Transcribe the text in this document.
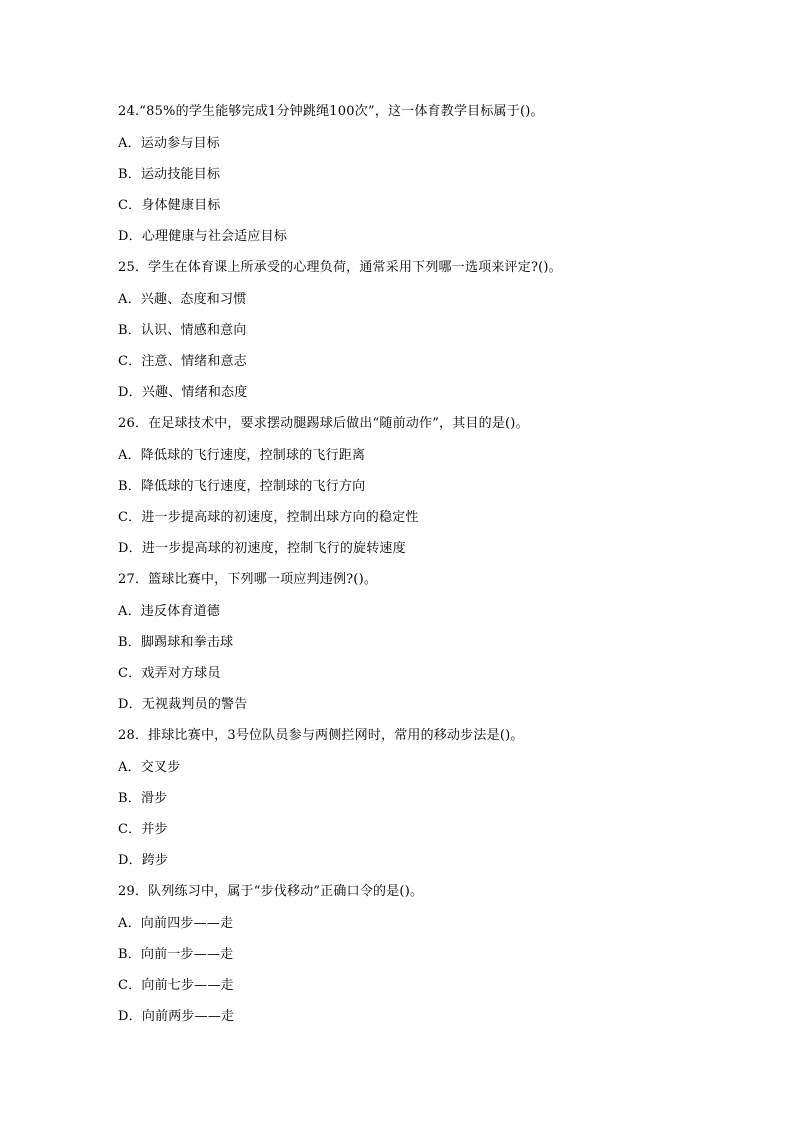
24.“85%的学生能够完成1分钟跳绳100次”，这一体育教学目标属于()。
A．运动参与目标
B．运动技能目标
C．身体健康目标
D．心理健康与社会适应目标
25．学生在体育课上所承受的心理负荷，通常采用下列哪一选项来评定?()。
A．兴趣、态度和习惯
B．认识、情感和意向
C．注意、情绪和意志
D．兴趣、情绪和态度
26．在足球技术中，要求摆动腿踢球后做出“随前动作”，其目的是()。
A．降低球的飞行速度，控制球的飞行距离
B．降低球的飞行速度，控制球的飞行方向
C．进一步提高球的初速度，控制出球方向的稳定性
D．进一步提高球的初速度，控制飞行的旋转速度
27．篮球比赛中，下列哪一项应判违例?()。
A．违反体育道德
B．脚踢球和拳击球
C．戏弄对方球员
D．无视裁判员的警告
28．排球比赛中，3号位队员参与两侧拦网时，常用的移动步法是()。
A．交叉步
B．滑步
C．并步
D．跨步
29．队列练习中，属于“步伐移动”正确口令的是()。
A．向前四步——走
B．向前一步——走
C．向前七步——走
D．向前两步——走
